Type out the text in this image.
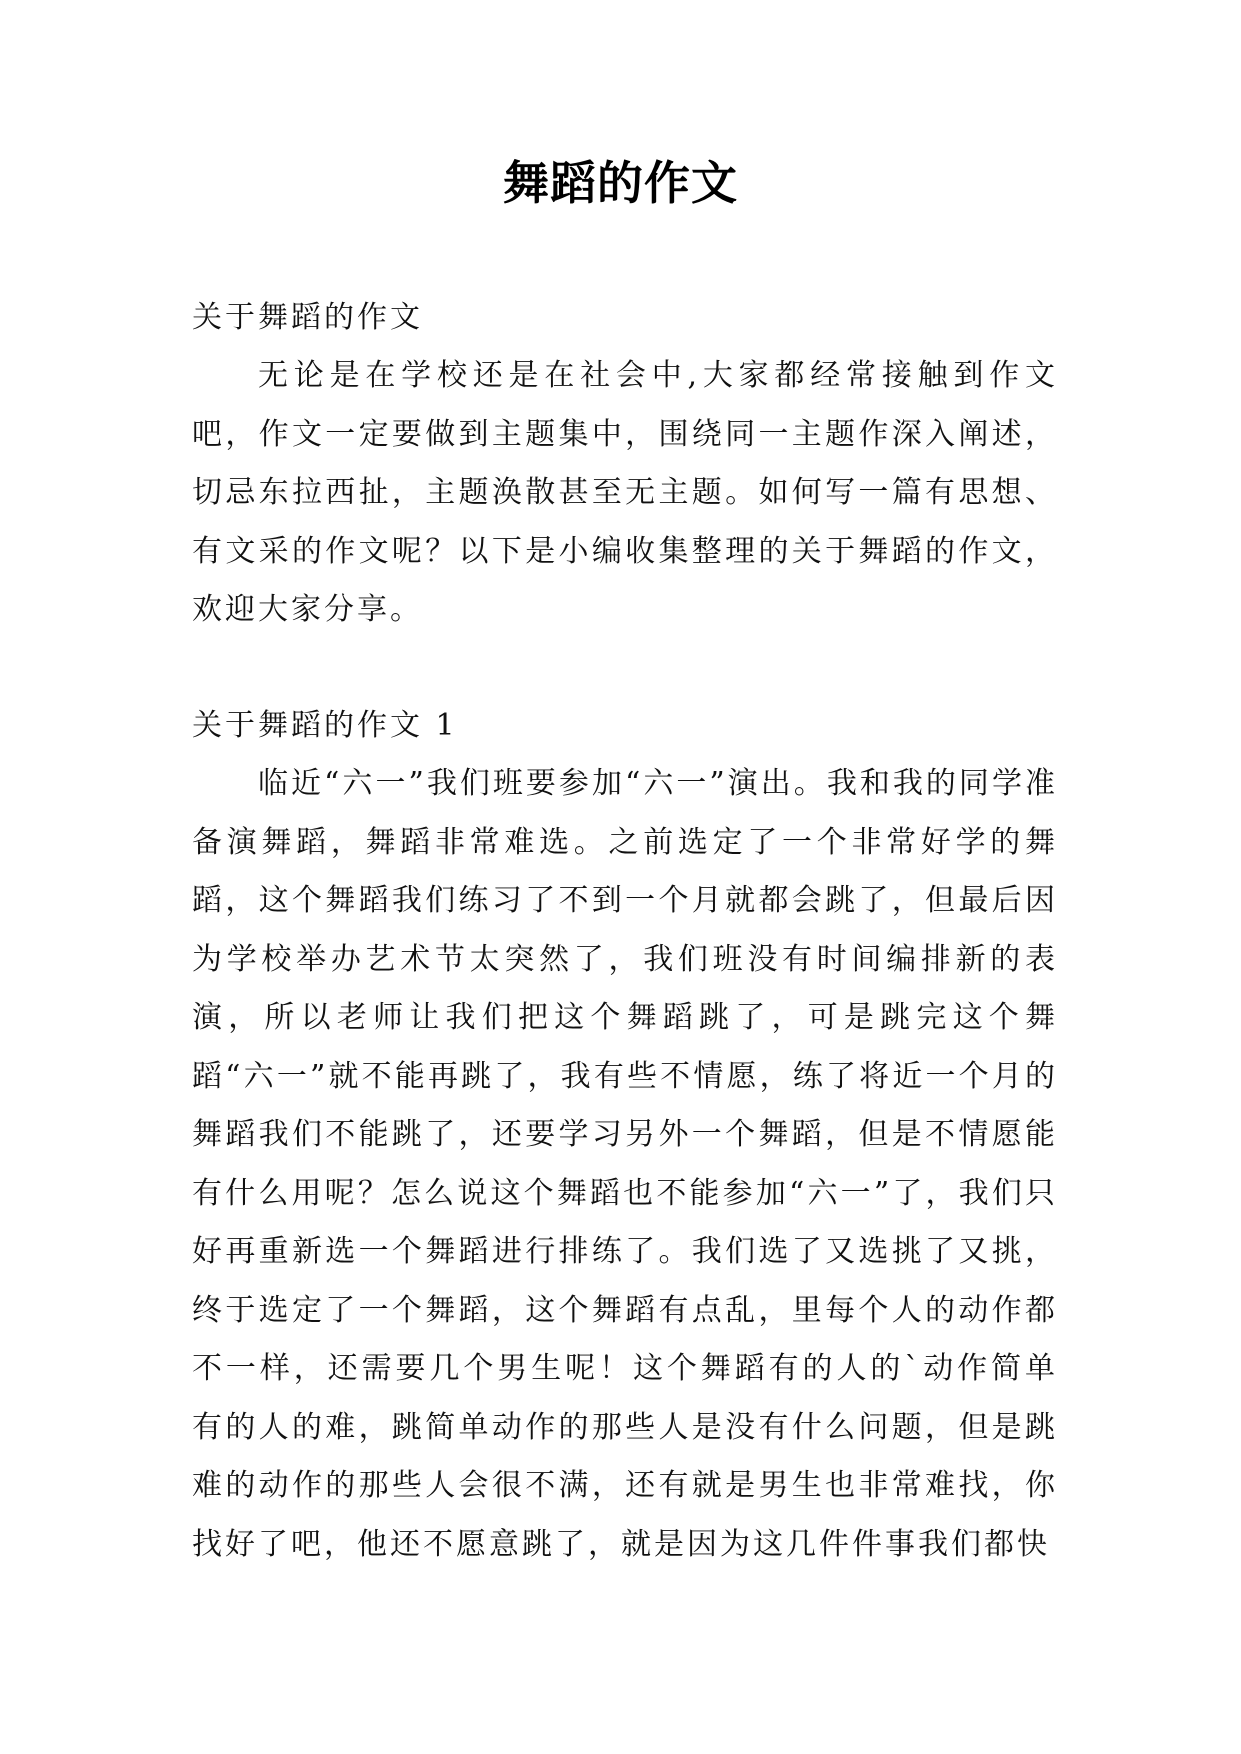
舞蹈的作文
关于舞蹈的作文

无论是在学校还是在社会中,大家都经常接触到作文吧，作文一定要做到主题集中，围绕同一主题作深入阐述，切忌东拉西扯，主题涣散甚至无主题。如何写一篇有思想、有文采的作文呢？以下是小编收集整理的关于舞蹈的作文，欢迎大家分享。

关于舞蹈的作文 1

临近“六一”我们班要参加“六一”演出。我和我的同学准备演舞蹈，舞蹈非常难选。之前选定了一个非常好学的舞蹈，这个舞蹈我们练习了不到一个月就都会跳了，但最后因为学校举办艺术节太突然了，我们班没有时间编排新的表演，所以老师让我们把这个舞蹈跳了，可是跳完这个舞蹈“六一”就不能再跳了，我有些不情愿，练了将近一个月的舞蹈我们不能跳了，还要学习另外一个舞蹈，但是不情愿能有什么用呢？怎么说这个舞蹈也不能参加“六一”了，我们只好再重新选一个舞蹈进行排练了。我们选了又选挑了又挑，终于选定了一个舞蹈，这个舞蹈有点乱，里每个人的动作都不一样，还需要几个男生呢！这个舞蹈有的人的`动作简单有的人的难，跳简单动作的那些人是没有什么问题，但是跳难的动作的那些人会很不满，还有就是男生也非常难找，你找好了吧，他还不愿意跳了，就是因为这几件件事我们都快
